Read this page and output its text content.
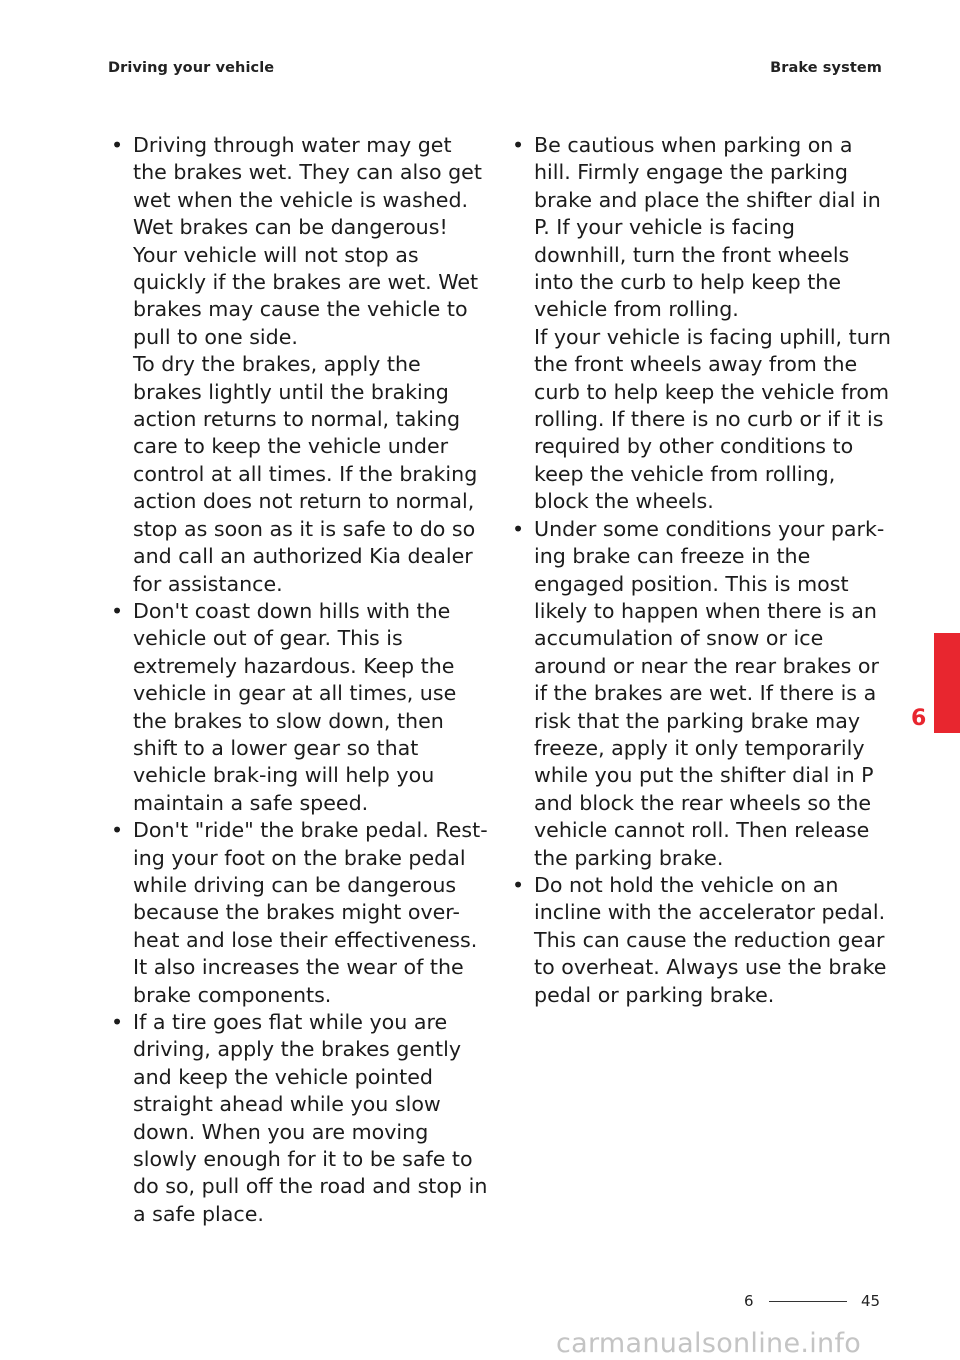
Driving your vehicle	Brake system
• Driving through water may get the brakes wet. They can also get wet when the vehicle is washed. Wet brakes can be dangerous! Your vehicle will not stop as quickly if the brakes are wet. Wet brakes may cause the vehicle to pull to one side.
To dry the brakes, apply the brakes lightly until the braking action returns to normal, taking care to keep the vehicle under control at all times. If the braking action does not return to normal, stop as soon as it is safe to do so and call an authorized Kia dealer for assistance.
• Don't coast down hills with the vehicle out of gear. This is extremely hazardous. Keep the vehicle in gear at all times, use the brakes to slow down, then shift to a lower gear so that vehicle brak-ing will help you maintain a safe speed.
• Don't "ride" the brake pedal. Rest-ing your foot on the brake pedal while driving can be dangerous because the brakes might over-heat and lose their effectiveness. It also increases the wear of the brake components.
• If a tire goes flat while you are driving, apply the brakes gently and keep the vehicle pointed straight ahead while you slow down. When you are moving slowly enough for it to be safe to do so, pull off the road and stop in a safe place.
• Be cautious when parking on a hill. Firmly engage the parking brake and place the shifter dial in P. If your vehicle is facing downhill, turn the front wheels into the curb to help keep the vehicle from rolling.
If your vehicle is facing uphill, turn the front wheels away from the curb to help keep the vehicle from rolling. If there is no curb or if it is required by other conditions to keep the vehicle from rolling, block the wheels.
• Under some conditions your park-ing brake can freeze in the engaged position. This is most likely to happen when there is an accumulation of snow or ice around or near the rear brakes or if the brakes are wet. If there is a risk that the parking brake may freeze, apply it only temporarily while you put the shifter dial in P and block the rear wheels so the vehicle cannot roll. Then release the parking brake.
• Do not hold the vehicle on an incline with the accelerator pedal. This can cause the reduction gear to overheat. Always use the brake pedal or parking brake.
6
6	45
carmanualsonline.info
